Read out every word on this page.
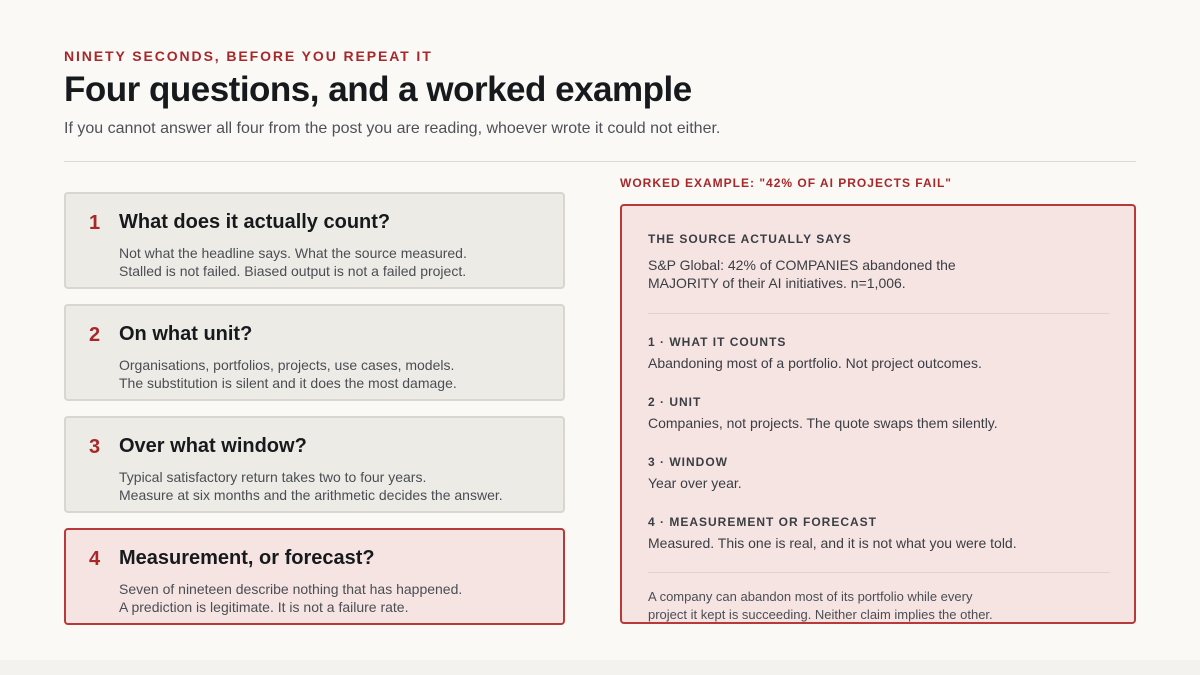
NINETY SECONDS, BEFORE YOU REPEAT IT
Four questions, and a worked example

If you cannot answer all four from the post you are reading, whoever wrote it could not either.

1 What does it actually count?
Not what the headline says. What the source measured.
Stalled is not failed. Biased output is not a failed project.
2 On what unit?
Organisations, portfolios, projects, use cases, models.
The substitution is silent and it does the most damage.
3 Over what window?
Typical satisfactory return takes two to four years.
Measure at six months and the arithmetic decides the answer.
4 Measurement, or forecast?
Seven of nineteen describe nothing that has happened.
A prediction is legitimate. It is not a failure rate.
WORKED EXAMPLE: "42% OF AI PROJECTS FAIL"
THE SOURCE ACTUALLY SAYS
S&P Global: 42% of COMPANIES abandoned the
MAJORITY of their AI initiatives. n=1,006.
1 · WHAT IT COUNTS
Abandoning most of a portfolio. Not project outcomes.
2 · UNIT
Companies, not projects. The quote swaps them silently.
3 · WINDOW
Year over year.
4 · MEASUREMENT OR FORECAST
Measured. This one is real, and it is not what you were told.
A company can abandon most of its portfolio while every
project it kept is succeeding. Neither claim implies the other.
